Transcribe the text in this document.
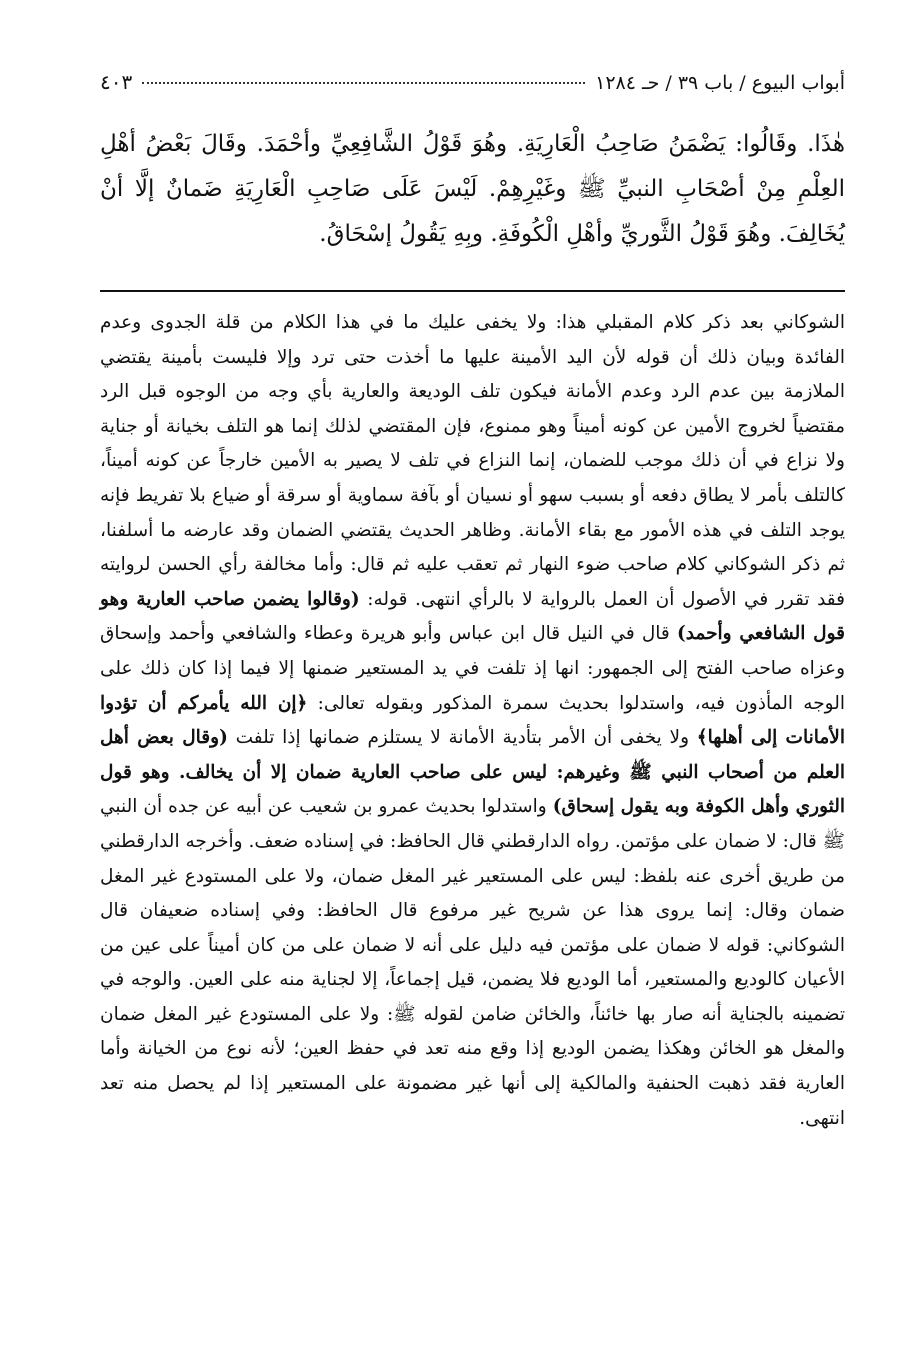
أبواب البيوع / باب ٣٩ / حـ ١٢٨٤
٤٠٣

هٰذَا. وقَالُوا: يَضْمَنُ صَاحِبُ الْعَارِيَةِ. وهُوَ قَوْلُ الشَّافِعِيِّ وأحْمَدَ. وقَالَ بَعْضُ أهْلِ العِلْمِ مِنْ أصْحَابِ النبيِّ ﷺ وغَيْرِهِمْ. لَيْسَ عَلَى صَاحِبِ الْعَارِيَةِ ضَمانٌ إلَّا أنْ يُخَالِفَ. وهُوَ قَوْلُ الثَّوريِّ وأهْلِ الْكُوفَةِ. وبِهِ يَقُولُ إسْحَاقُ.

الشوكاني بعد ذكر كلام المقبلي هذا: ولا يخفى عليك ما في هذا الكلام من قلة الجدوى وعدم الفائدة وبيان ذلك أن قوله لأن اليد الأمينة عليها ما أخذت حتى ترد وإلا فليست بأمينة يقتضي الملازمة بين عدم الرد وعدم الأمانة فيكون تلف الوديعة والعارية بأي وجه من الوجوه قبل الرد مقتضياً لخروج الأمين عن كونه أميناً وهو ممنوع، فإن المقتضي لذلك إنما هو التلف بخيانة أو جناية ولا نزاع في أن ذلك موجب للضمان، إنما النزاع في تلف لا يصير به الأمين خارجاً عن كونه أميناً، كالتلف بأمر لا يطاق دفعه أو بسبب سهو أو نسيان أو بآفة سماوية أو سرقة أو ضياع بلا تفريط فإنه يوجد التلف في هذه الأمور مع بقاء الأمانة. وظاهر الحديث يقتضي الضمان وقد عارضه ما أسلفنا، ثم ذكر الشوكاني كلام صاحب ضوء النهار ثم تعقب عليه ثم قال: وأما مخالفة رأي الحسن لروايته فقد تقرر في الأصول أن العمل بالرواية لا بالرأي انتهى. قوله: (وقالوا يضمن صاحب العارية وهو قول الشافعي وأحمد) قال في النيل قال ابن عباس وأبو هريرة وعطاء والشافعي وأحمد وإسحاق وعزاه صاحب الفتح إلى الجمهور: انها إذ تلفت في يد المستعير ضمنها إلا فيما إذا كان ذلك على الوجه المأذون فيه، واستدلوا بحديث سمرة المذكور وبقوله تعالى: ﴿إن الله يأمركم أن تؤدوا الأمانات إلى أهلها﴾ ولا يخفى أن الأمر بتأدية الأمانة لا يستلزم ضمانها إذا تلفت (وقال بعض أهل العلم من أصحاب النبي ﷺ وغيرهم: ليس على صاحب العارية ضمان إلا أن يخالف. وهو قول الثوري وأهل الكوفة وبه يقول إسحاق) واستدلوا بحديث عمرو بن شعيب عن أبيه عن جده أن النبي ﷺ قال: لا ضمان على مؤتمن. رواه الدارقطني قال الحافظ: في إسناده ضعف. وأخرجه الدارقطني من طريق أخرى عنه بلفظ: ليس على المستعير غير المغل ضمان، ولا على المستودع غير المغل ضمان وقال: إنما يروى هذا عن شريح غير مرفوع قال الحافظ: وفي إسناده ضعيفان قال الشوكاني: قوله لا ضمان على مؤتمن فيه دليل على أنه لا ضمان على من كان أميناً على عين من الأعيان كالوديع والمستعير، أما الوديع فلا يضمن، قيل إجماعاً، إلا لجناية منه على العين. والوجه في تضمينه بالجناية أنه صار بها خائناً، والخائن ضامن لقوله ﷺ: ولا على المستودع غير المغل ضمان والمغل هو الخائن وهكذا يضمن الوديع إذا وقع منه تعد في حفظ العين؛ لأنه نوع من الخيانة وأما العارية فقد ذهبت الحنفية والمالكية إلى أنها غير مضمونة على المستعير إذا لم يحصل منه تعد انتهى.
